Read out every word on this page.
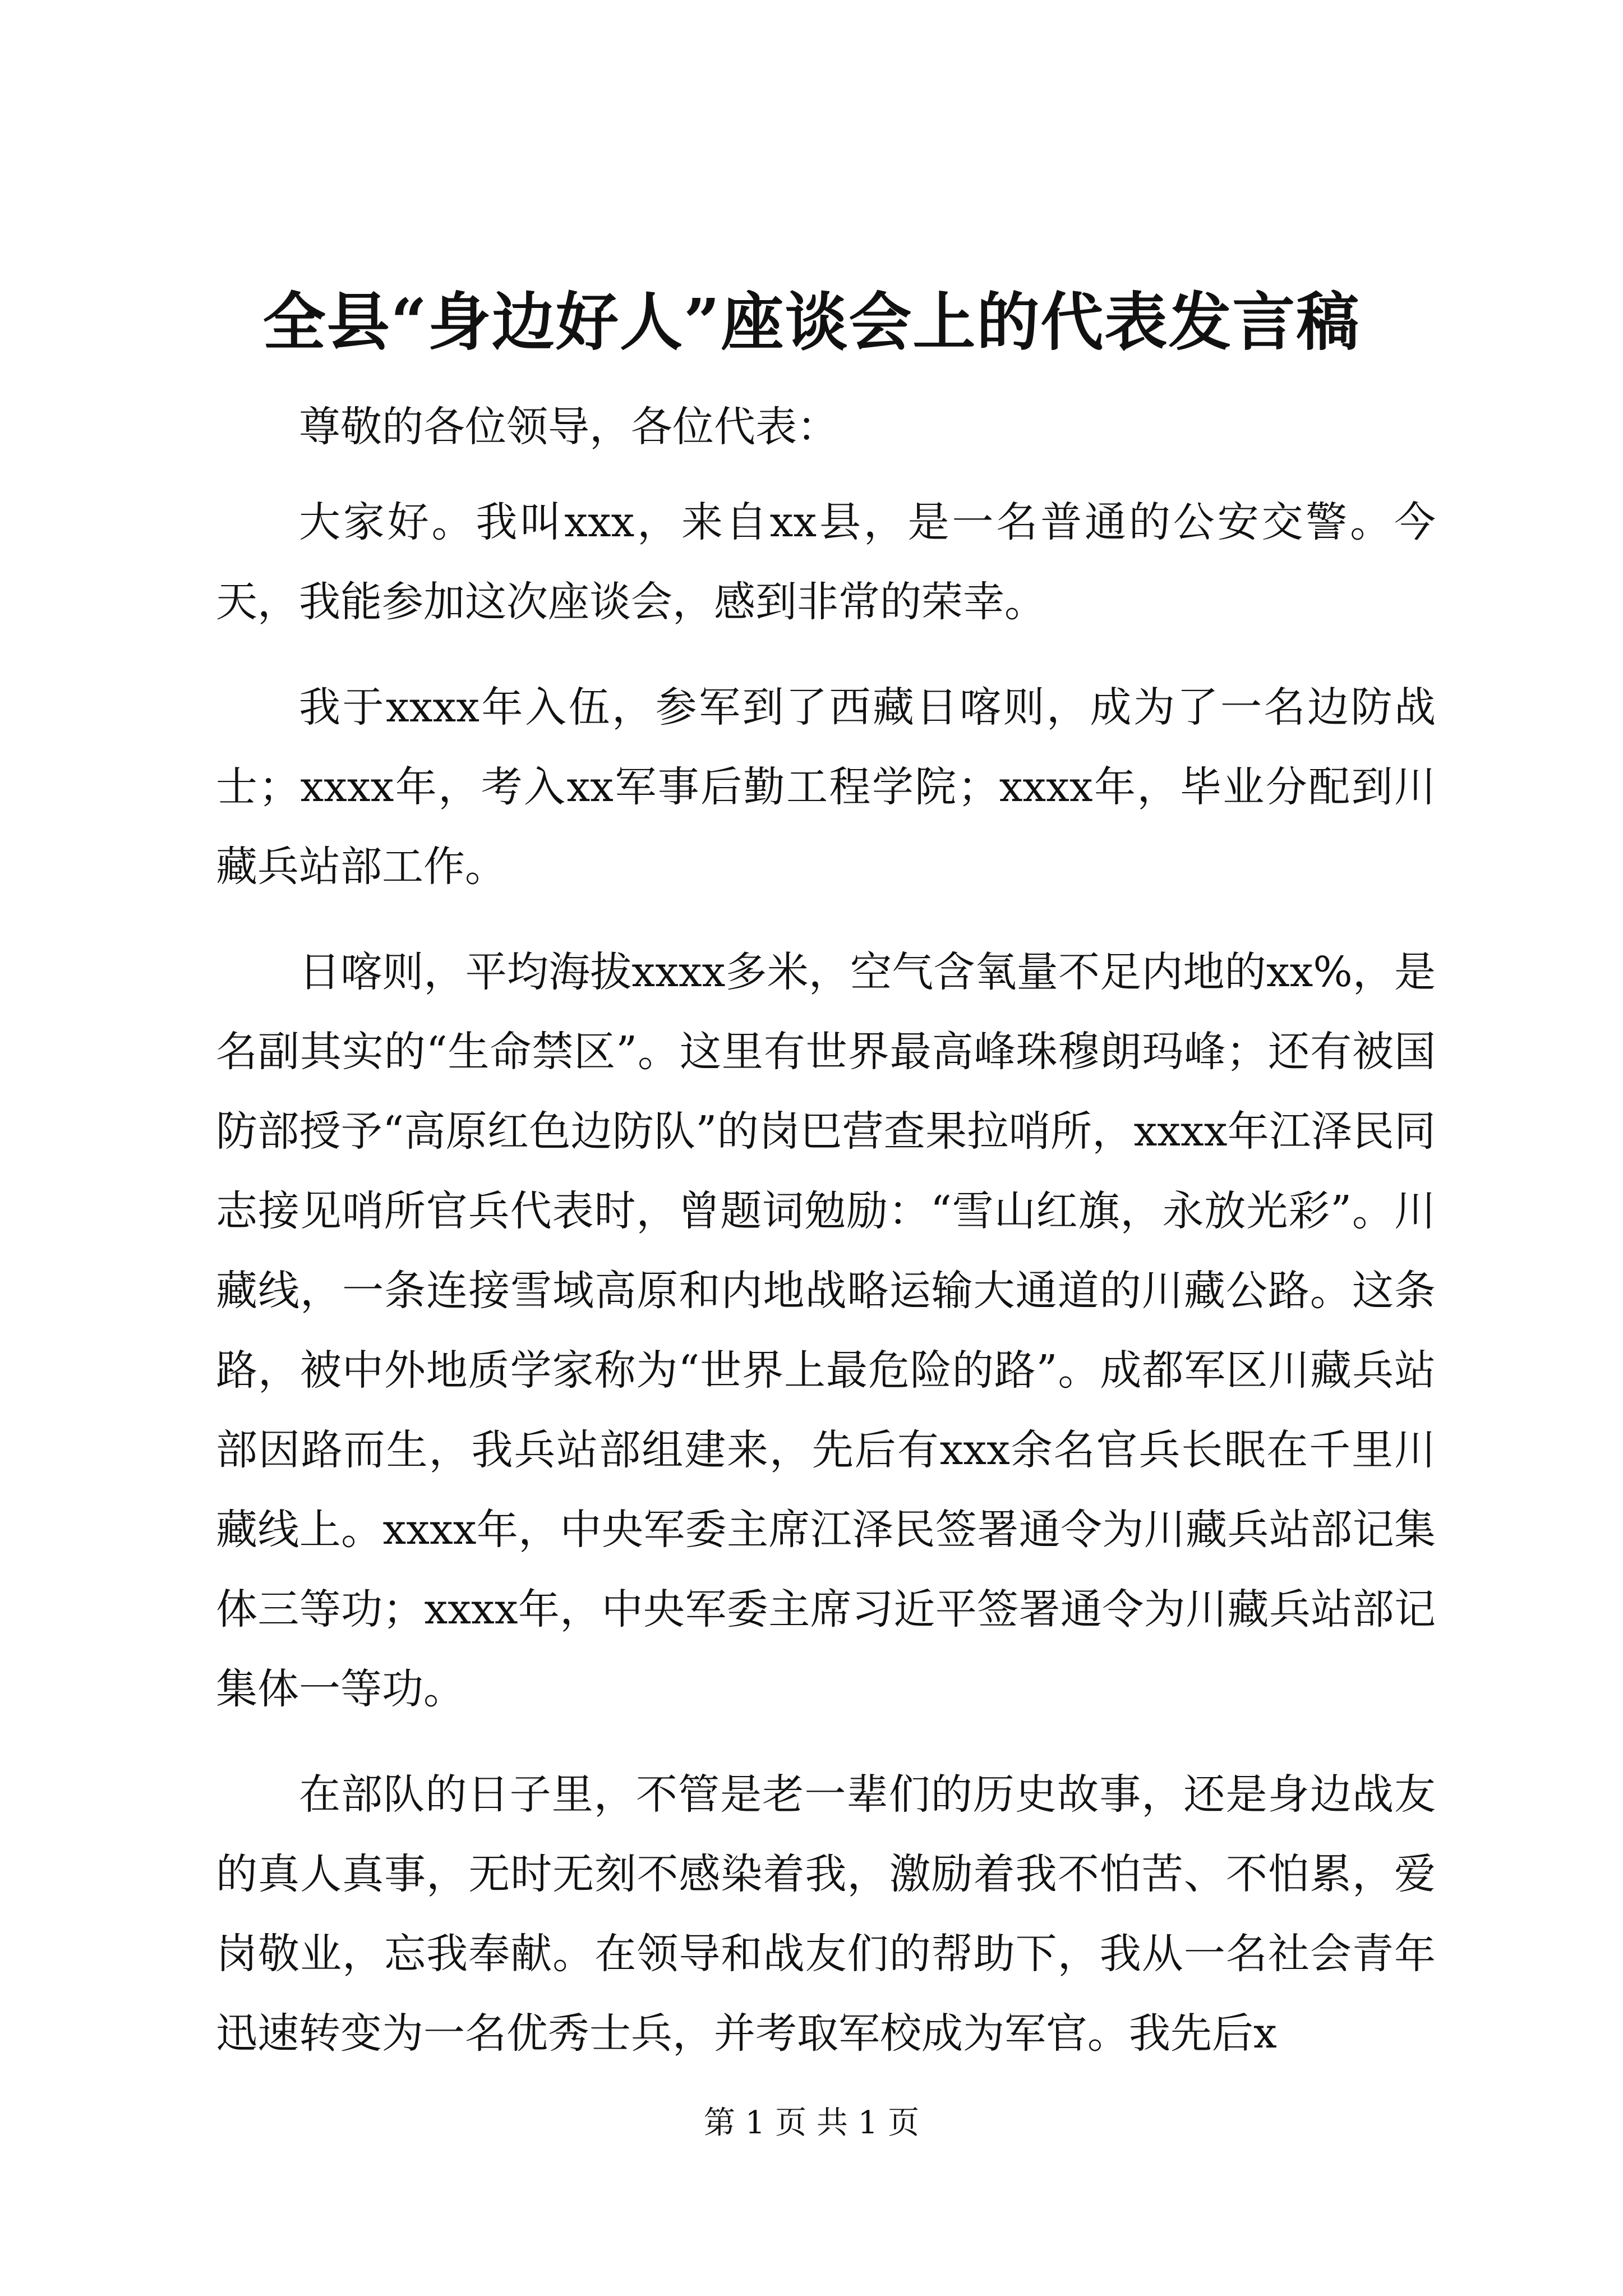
全县“身边好人”座谈会上的代表发言稿

尊敬的各位领导，各位代表：

大家好。我叫xxx，来自xx县，是一名普通的公安交警。今天，我能参加这次座谈会，感到非常的荣幸。

我于xxxx年入伍，参军到了西藏日喀则，成为了一名边防战士；xxxx年，考入xx军事后勤工程学院；xxxx年，毕业分配到川藏兵站部工作。

日喀则，平均海拔xxxx多米，空气含氧量不足内地的xx%，是名副其实的“生命禁区”。这里有世界最高峰珠穆朗玛峰；还有被国防部授予“高原红色边防队”的岗巴营查果拉哨所，xxxx年江泽民同志接见哨所官兵代表时，曾题词勉励：“雪山红旗，永放光彩”。川藏线，一条连接雪域高原和内地战略运输大通道的川藏公路。这条路，被中外地质学家称为“世界上最危险的路”。成都军区川藏兵站部因路而生，我兵站部组建来，先后有xxx余名官兵长眠在千里川藏线上。xxxx年，中央军委主席江泽民签署通令为川藏兵站部记集体三等功；xxxx年，中央军委主席习近平签署通令为川藏兵站部记集体一等功。

在部队的日子里，不管是老一辈们的历史故事，还是身边战友的真人真事，无时无刻不感染着我，激励着我不怕苦、不怕累，爱岗敬业，忘我奉献。在领导和战友们的帮助下，我从一名社会青年迅速转变为一名优秀士兵，并考取军校成为军官。我先后x

第 1 页 共 1 页
